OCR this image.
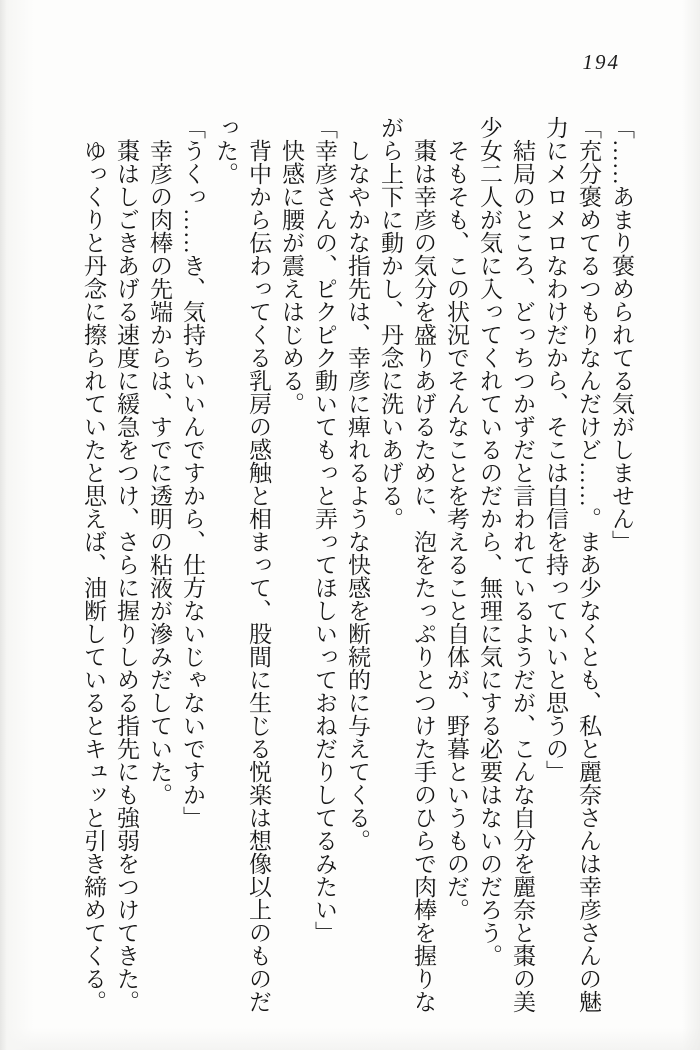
194

「……あまり褒められてる気がしません」

「充分褒めてるつもりなんだけど……。まあ少なくとも、私と麗奈さんは幸彦さんの魅力にメロメロなわけだから、そこは自信を持っていいと思うの」

　結局のところ、どっちつかずだと言われているようだが、こんな自分を麗奈と棗の美少女二人が気に入ってくれているのだから、無理に気にする必要はないのだろう。

　そもそも、この状況でそんなことを考えること自体が、野暮というものだ。

　棗は幸彦の気分を盛りあげるために、泡をたっぷりとつけた手のひらで肉棒を握りながら上下に動かし、丹念に洗いあげる。

　しなやかな指先は、幸彦に痺れるような快感を断続的に与えてくる。

「幸彦さんの、ピクピク動いてもっと弄ってほしいっておねだりしてるみたい」

　快感に腰が震えはじめる。

　背中から伝わってくる乳房の感触と相まって、股間に生じる悦楽は想像以上のものだった。

「うくっ……き、気持ちいいんですから、仕方ないじゃないですか」

　幸彦の肉棒の先端からは、すでに透明の粘液が滲みだしていた。

　棗はしごきあげる速度に緩急をつけ、さらに握りしめる指先にも強弱をつけてきた。

　ゆっくりと丹念に擦られていたと思えば、油断しているとキュッと引き締めてくる。
